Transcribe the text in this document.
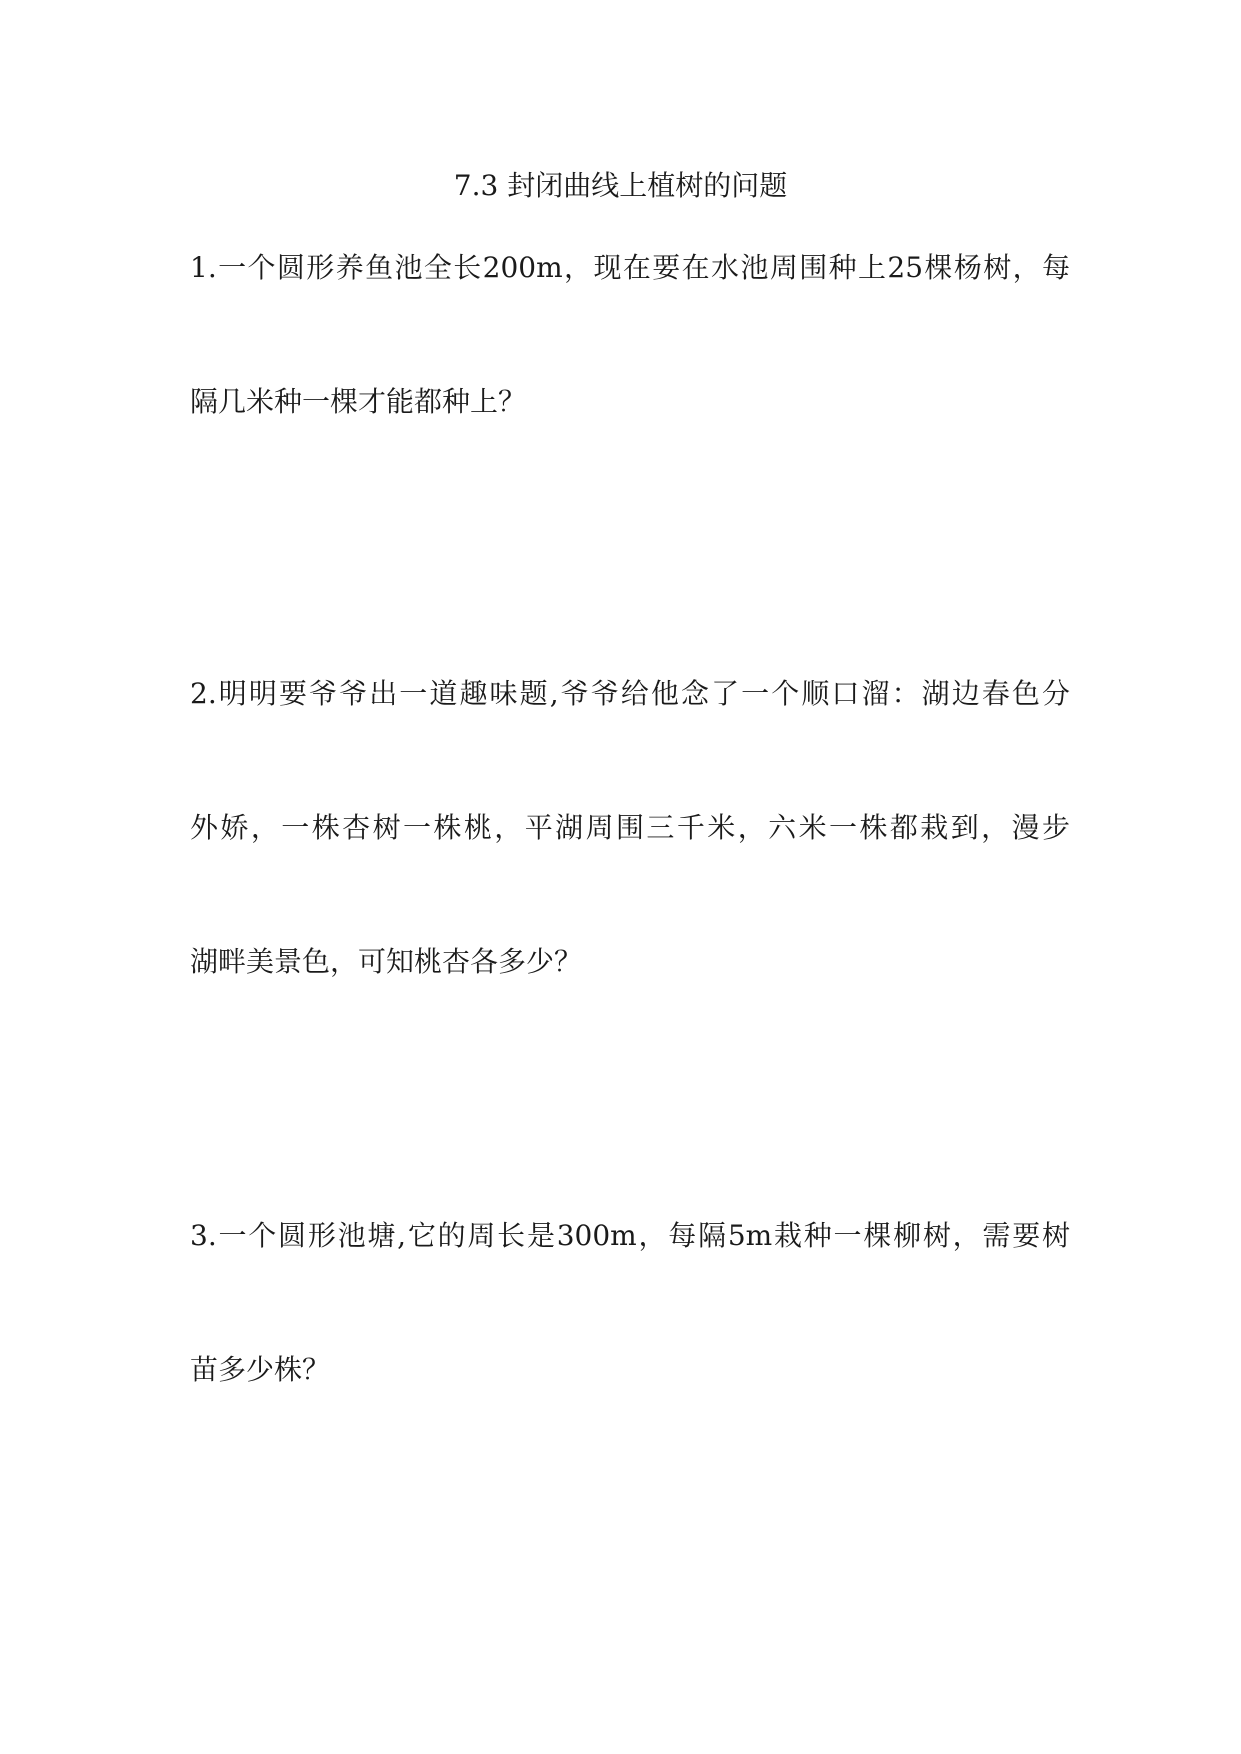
7.3 封闭曲线上植树的问题
1.一个圆形养鱼池全长200m，现在要在水池周围种上25棵杨树，每
隔几米种一棵才能都种上？
2.明明要爷爷出一道趣味题,爷爷给他念了一个顺口溜：湖边春色分
外娇，一株杏树一株桃，平湖周围三千米，六米一株都栽到，漫步
湖畔美景色，可知桃杏各多少？
3.一个圆形池塘,它的周长是300m，每隔5m栽种一棵柳树，需要树
苗多少株？
